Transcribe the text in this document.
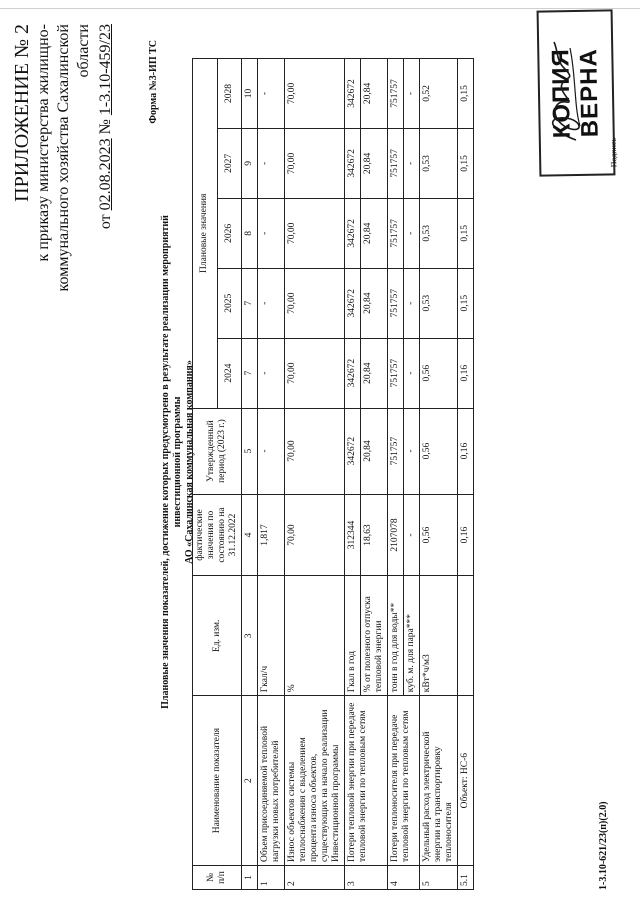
ПРИЛОЖЕНИЕ № 2 к приказу министерства жилищно- коммунального хозяйства Сахалинской области
от 02.08.2023 № 1-3.10-459/23	Форма №3-ИП ТС
Плановые значения показателей, достижение которых предусмотрено в результате реализации мероприятий инвестиционной программы АО «Сахалинская коммунальная компания»
№ п/п	Наименование показателя	Ед. изм.	фактические значения по состоянию на 31.12.2022	Утвержденный период (2023 г.)	Плановые значения				
					2024	2025	2026	2027	2028
1	2	3	4	5	7	7	8	9	10
1	Объем присоединяемой тепловой нагрузки новых потребителей	Гкал/ч	1,817	-	-	-	-	-	-
2	Износ объектов системы теплоснабжения с выделением процента износа объектов, существующих на начало реализации Инвестиционной программы	%	70,00	70,00	70,00	70,00	70,00	70,00	70,00
3	Потери тепловой энергии при передаче тепловой энергии по тепловым сетям	Гкал в год	312344	342672	342672	342672	342672	342672	342672
		% от полезного отпуска тепловой энергии	18,63	20,84	20,84	20,84	20,84	20,84	20,84
4	Потери теплоносителя при передаче тепловой энергии по тепловым сетям	тонн в год для воды**	2107078	751757	751757	751757	751757	751757	751757
		куб. м. для пара***	-	-	-	-	-	-	-
5	Удельный расход электрической энергии на транспортировку теплоносителя	кВт*ч/м3	0,56	0,56	0,56	0,53	0,53	0,53	0,52
5.1	Объект: НС-6		0,16	0,16	0,16	0,15	0,15	0,15	0,15	КОПИЯ ВЕРНА
Подпись
1-3.10-621/23(п)(2.0)
